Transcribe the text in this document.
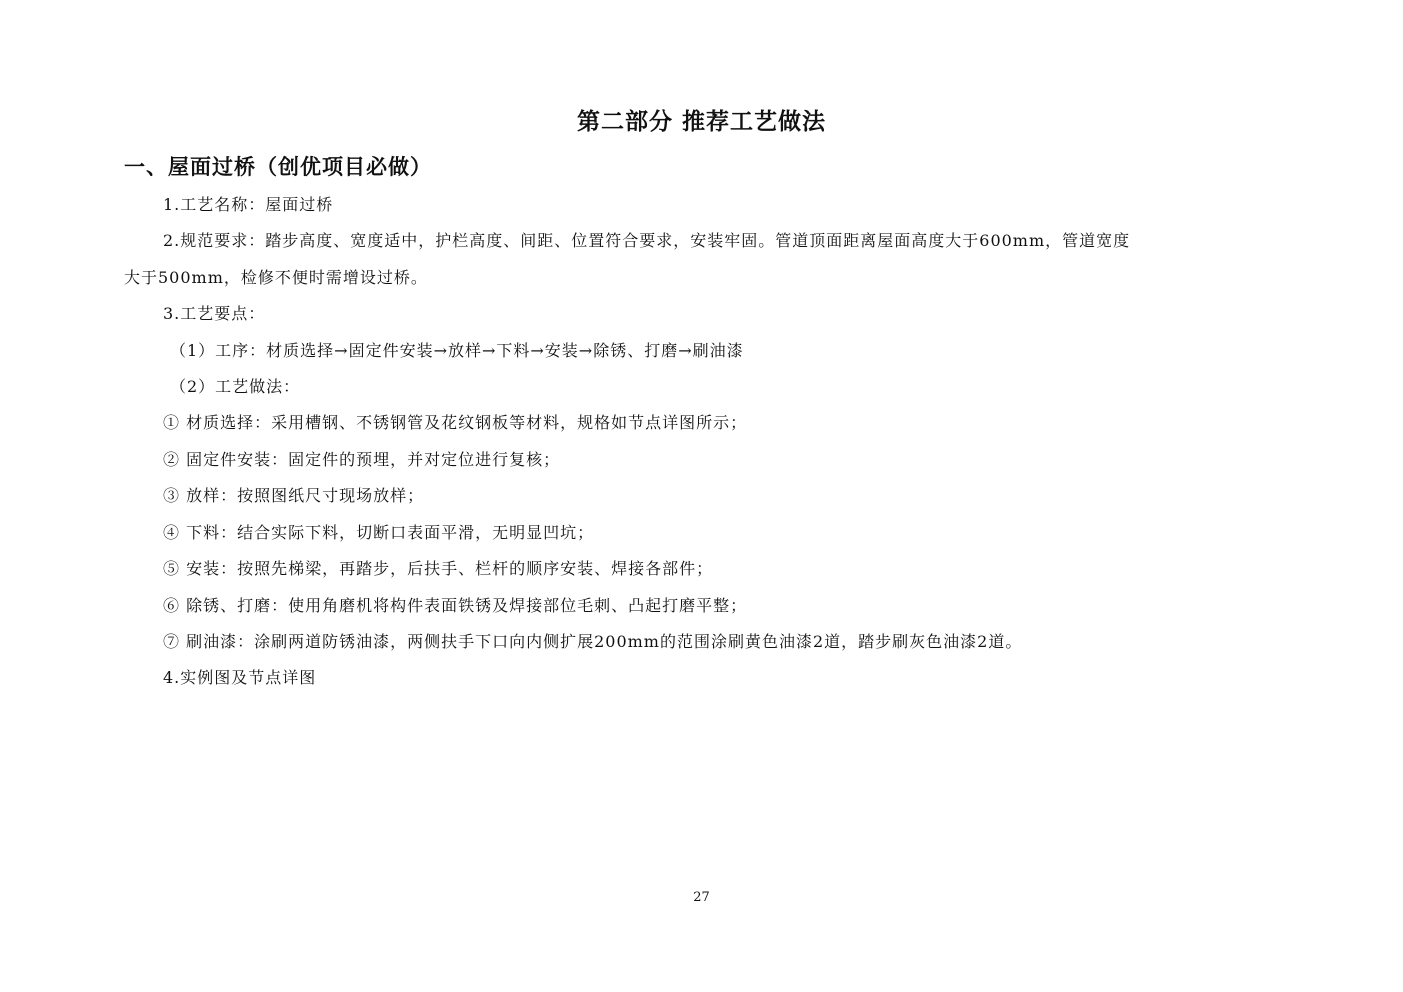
第二部分 推荐工艺做法
一、屋面过桥（创优项目必做）
1.工艺名称：屋面过桥
2.规范要求：踏步高度、宽度适中，护栏高度、间距、位置符合要求，安装牢固。管道顶面距离屋面高度大于600mm，管道宽度
大于500mm，检修不便时需增设过桥。
3.工艺要点：
（1）工序：材质选择→固定件安装→放样→下料→安装→除锈、打磨→刷油漆
（2）工艺做法：
① 材质选择：采用槽钢、不锈钢管及花纹钢板等材料，规格如节点详图所示；
② 固定件安装：固定件的预埋，并对定位进行复核；
③ 放样：按照图纸尺寸现场放样；
④ 下料：结合实际下料，切断口表面平滑，无明显凹坑；
⑤ 安装：按照先梯梁，再踏步，后扶手、栏杆的顺序安装、焊接各部件；
⑥ 除锈、打磨：使用角磨机将构件表面铁锈及焊接部位毛刺、凸起打磨平整；
⑦ 刷油漆：涂刷两道防锈油漆，两侧扶手下口向内侧扩展200mm的范围涂刷黄色油漆2道，踏步刷灰色油漆2道。
4.实例图及节点详图
27
